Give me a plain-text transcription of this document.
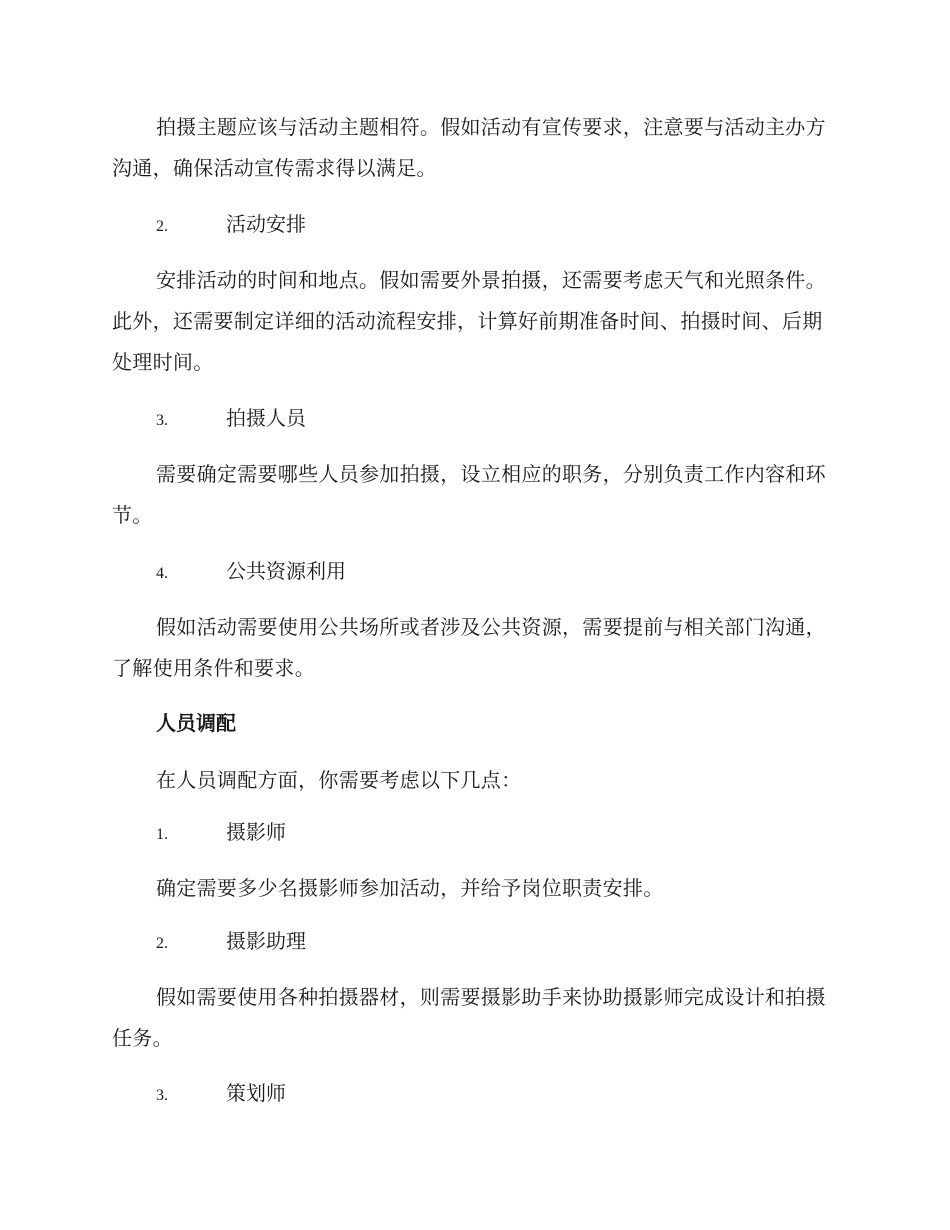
拍摄主题应该与活动主题相符。假如活动有宣传要求，注意要与活动主办方沟通，确保活动宣传需求得以满足。

2.	活动安排

安排活动的时间和地点。假如需要外景拍摄，还需要考虑天气和光照条件。此外，还需要制定详细的活动流程安排，计算好前期准备时间、拍摄时间、后期处理时间。

3.	拍摄人员

需要确定需要哪些人员参加拍摄，设立相应的职务，分别负责工作内容和环节。

4.	公共资源利用

假如活动需要使用公共场所或者涉及公共资源，需要提前与相关部门沟通，了解使用条件和要求。

人员调配

在人员调配方面，你需要考虑以下几点：

1.	摄影师

确定需要多少名摄影师参加活动，并给予岗位职责安排。

2.	摄影助理

假如需要使用各种拍摄器材，则需要摄影助手来协助摄影师完成设计和拍摄任务。

3.	策划师
